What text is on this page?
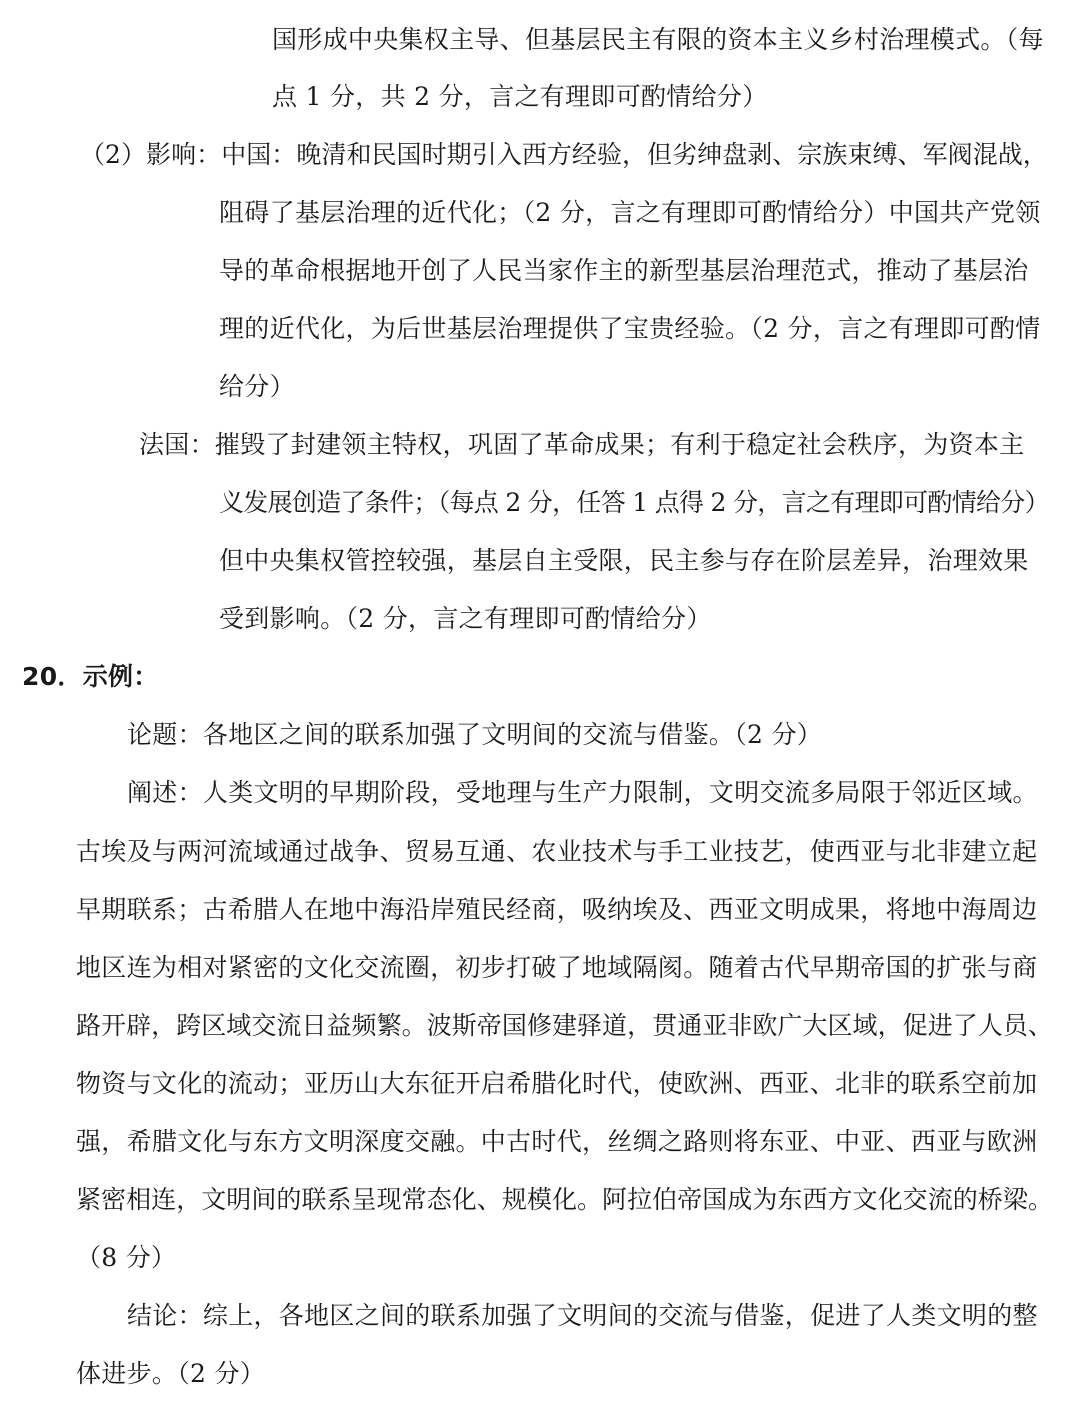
国形成中央集权主导、但基层民主有限的资本主义乡村治理模式。（每
点 1 分，共 2 分，言之有理即可酌情给分）
（2）影响：中国：晚清和民国时期引入西方经验，但劣绅盘剥、宗族束缚、军阀混战，
阻碍了基层治理的近代化；（2 分，言之有理即可酌情给分）中国共产党领
导的革命根据地开创了人民当家作主的新型基层治理范式，推动了基层治
理的近代化，为后世基层治理提供了宝贵经验。（2 分，言之有理即可酌情
给分）
法国：摧毁了封建领主特权，巩固了革命成果；有利于稳定社会秩序，为资本主
义发展创造了条件；（每点 2 分，任答 1 点得 2 分，言之有理即可酌情给分）
但中央集权管控较强，基层自主受限，民主参与存在阶层差异，治理效果
受到影响。（2 分，言之有理即可酌情给分）
20．示例：
论题：各地区之间的联系加强了文明间的交流与借鉴。（2 分）
阐述：人类文明的早期阶段，受地理与生产力限制，文明交流多局限于邻近区域。
古埃及与两河流域通过战争、贸易互通、农业技术与手工业技艺，使西亚与北非建立起
早期联系；古希腊人在地中海沿岸殖民经商，吸纳埃及、西亚文明成果，将地中海周边
地区连为相对紧密的文化交流圈，初步打破了地域隔阂。随着古代早期帝国的扩张与商
路开辟，跨区域交流日益频繁。波斯帝国修建驿道，贯通亚非欧广大区域，促进了人员、
物资与文化的流动；亚历山大东征开启希腊化时代，使欧洲、西亚、北非的联系空前加
强，希腊文化与东方文明深度交融。中古时代，丝绸之路则将东亚、中亚、西亚与欧洲
紧密相连，文明间的联系呈现常态化、规模化。阿拉伯帝国成为东西方文化交流的桥梁。
（8 分）
结论：综上，各地区之间的联系加强了文明间的交流与借鉴，促进了人类文明的整
体进步。（2 分）
